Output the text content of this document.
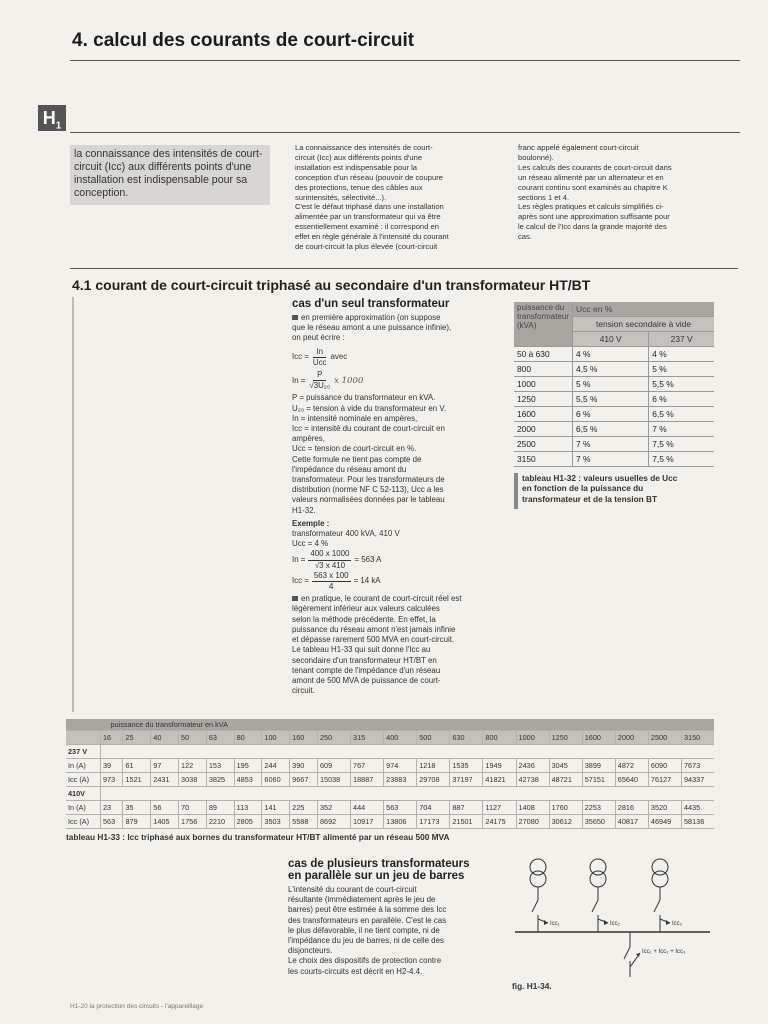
4. calcul des courants de court-circuit
$H_1$
la connaissance des intensités de court-circuit (Icc) aux différents points d'une installation est indispensable pour sa conception.
La connaissance des intensités de court-
circuit (Icc) aux différents points d'une
installation est indispensable pour la
conception d'un réseau (pouvoir de coupure
des protections, tenue des câbles aux
surintensités, sélectivité...).
C'est le défaut triphasé dans une installation
alimentée par un transformateur qui va être
essentiellement examiné : il correspond en
effet en règle générale à l'intensité du courant
de court-circuit la plus élevée (court-circuit
franc appelé également court-circuit
boulonné).
Les calculs des courants de court-circuit dans
un réseau alimenté par un alternateur et en
courant continu sont examinés au chapitre K
sections 1 et 4.
Les règles pratiques et calculs simplifiés ci-
après sont une approximation suffisante pour
le calcul de l'Icc dans la grande majorité des
cas.
4.1 courant de court-circuit triphasé au secondaire d'un transformateur HT/BT
cas d'un seul transformateur
en première approximation (on suppose
que le réseau amont a une puissance infinie),
on peut écrire :
Icc =
In
Ucc
avec
$In = \frac{P}{\text{√3U₂₀}}$ x 1000
P = puissance du transformateur en kVA.
U₂₀ = tension à vide du transformateur en V.
In = intensité nominale en ampères,
Icc = intensité du courant de court-circuit en
ampères,
Ucc = tension de court-circuit en %.
Cette formule ne tient pas compte de
l'impédance du réseau amont du
transformateur. Pour les transformateurs de
distribution (norme NF C 52-113), Ucc a les
valeurs normalisées données par le tableau
H1-32.
Exemple :
transformateur 400 kVA, 410 V
Ucc = 4 %
$In = \frac{400 x 1000}{√3 x 410} = 563$ A
Icc = $\frac{563 x 100}{4} = 14$ kA
en pratique, le courant de court-circuit réel est
légèrement inférieur aux valeurs calculées
selon la méthode précédente. En effet, la
puissance du réseau amont n'est jamais infinie
et dépasse rarement 500 MVA en court-circuit.
Le tableau H1-33 qui suit donne l'Icc au
secondaire d'un transformateur HT/BT en
tenant compte de l'impédance d'un réseau
amont de 500 MVA de puissance de court-
circuit.
puissance du
transformateur
(kVA)	Ucc en %	
	tension secondaire à vide	
	410 V	237 V
50 à 630	4 %	4 %
800	4,5 %	5 %
1000	5 %	5,5 %
1250	5,5 %	6 %
1600	6 %	6,5 %
2000	6,5 %	7 %
2500	7 %	7,5 %
3150	7 %	7,5 %
tableau H1-32 : valeurs usuelles de Ucc
en fonction de la puissance du
transformateur et de la tension BT
	puissance du transformateur en kVA																			
	16	25	40	50	63	80	100	160	250	315	400	500	630	800	1000	1250	1600	2000	2500	3150
237 V																				
In (A)	39	61	97	122	153	195	244	390	609	767	974	1218	1535	1949	2436	3045	3899	4872	6090	7673
Icc (A)	973	1521	2431	3038	3825	4853	6060	9667	15038	18887	23883	29708	37197	41821	42738	48721	57151	65640	76127	94337
410V																				
In (A)	23	35	56	70	89	113	141	225	352	444	563	704	887	1127	1408	1760	2253	2816	3520	4435
Icc (A)	563	879	1405	1756	2210	2805	3503	5588	8692	10917	13806	17173	21501	24175	27080	30612	35650	40817	46949	58136
tableau H1-33 : Icc triphasé aux bornes du transformateur HT/BT alimenté par un réseau 500 MVA
cas de plusieurs transformateurs
en parallèle sur un jeu de barres
L'intensité du courant de court-circuit
résultante (immédiatement après le jeu de
barres) peut être estimée à la somme des Icc
des transformateurs en parallèle. C'est le cas
le plus défavorable, il ne tient compte, ni de
l'impédance du jeu de barres, ni de celle des
disjoncteurs.
Le choix des dispositifs de protection contre
les courts-circuits est décrit en H2-4.4.
Icc₁	Icc₂	Icc₃
Icc₁ + Icc₂ + Icc₃
fig. H1-34.
H1-20 la protection des circuits - l'appareillage
